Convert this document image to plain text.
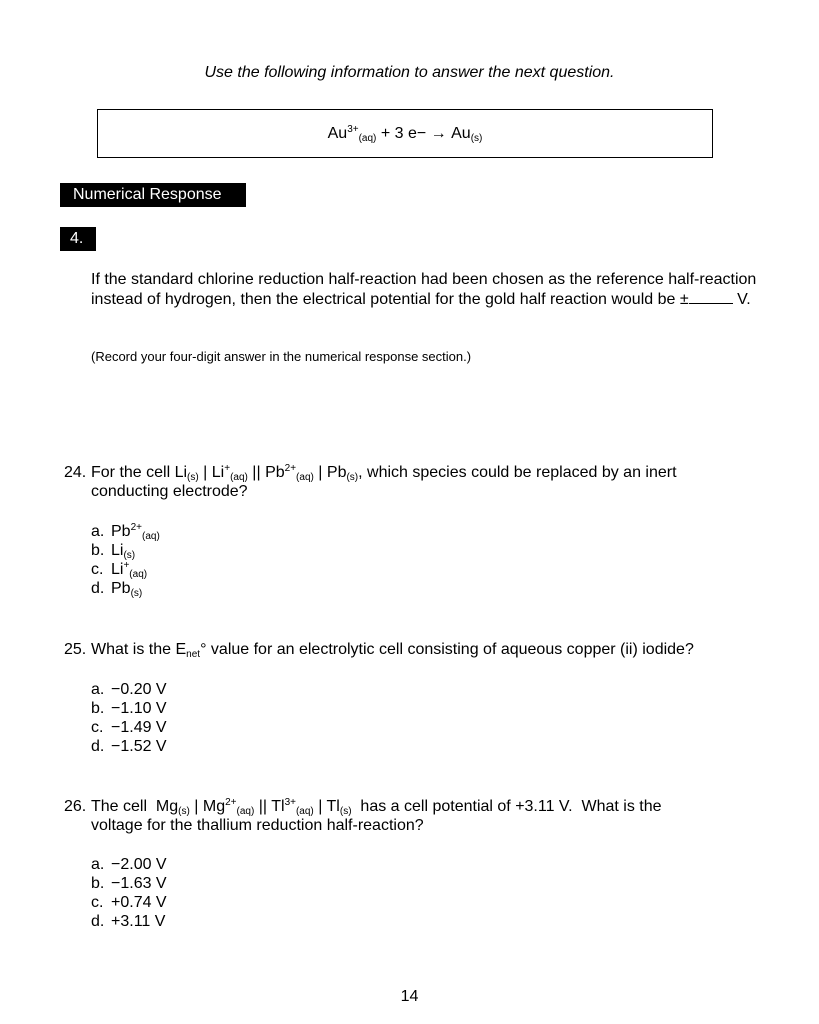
Use the following information to answer the next question.
$Au^{3+}_{(aq)} + 3$ $e- \to Au_{(s)}$
Numerical Response
4.
If the standard chlorine reduction half-reaction had been chosen as the reference half-reaction instead of hydrogen, then the electrical potential for the gold half reaction would be ±	V.
(Record your four-digit answer in the numerical response section.)
24. For the cell $Li_{(s)}$ | $Li^+_{(aq)}$ || $Pb^{2+}_{(aq)}$ | $Pb_{(s)}$, which species could be replaced by an inert
conducting electrode?
a. $Pb^{2+}_{(aq)}$
b. $Li_{(s)}$
c. $Li^+_{(aq)}$
d. $Pb_{(s)}$
25. What is the $E_{net}^\circ$ value for an electrolytic cell consisting of aqueous copper (ii) iodide?
a. −0.20 V
b. −1.10 V
c. −1.49 V
d. −1.52 V
26. The cell  $Mg_{(s)}$ | $Mg^{2+}_{(aq)}$ || $Tl^{3+}_{(aq)}$ | $Tl_{(s)}$  has a cell potential of +3.11 V.  What is the
voltage for the thallium reduction half-reaction?
a. −2.00 V
b. −1.63 V
c. +0.74 V
d. +3.11 V
14
